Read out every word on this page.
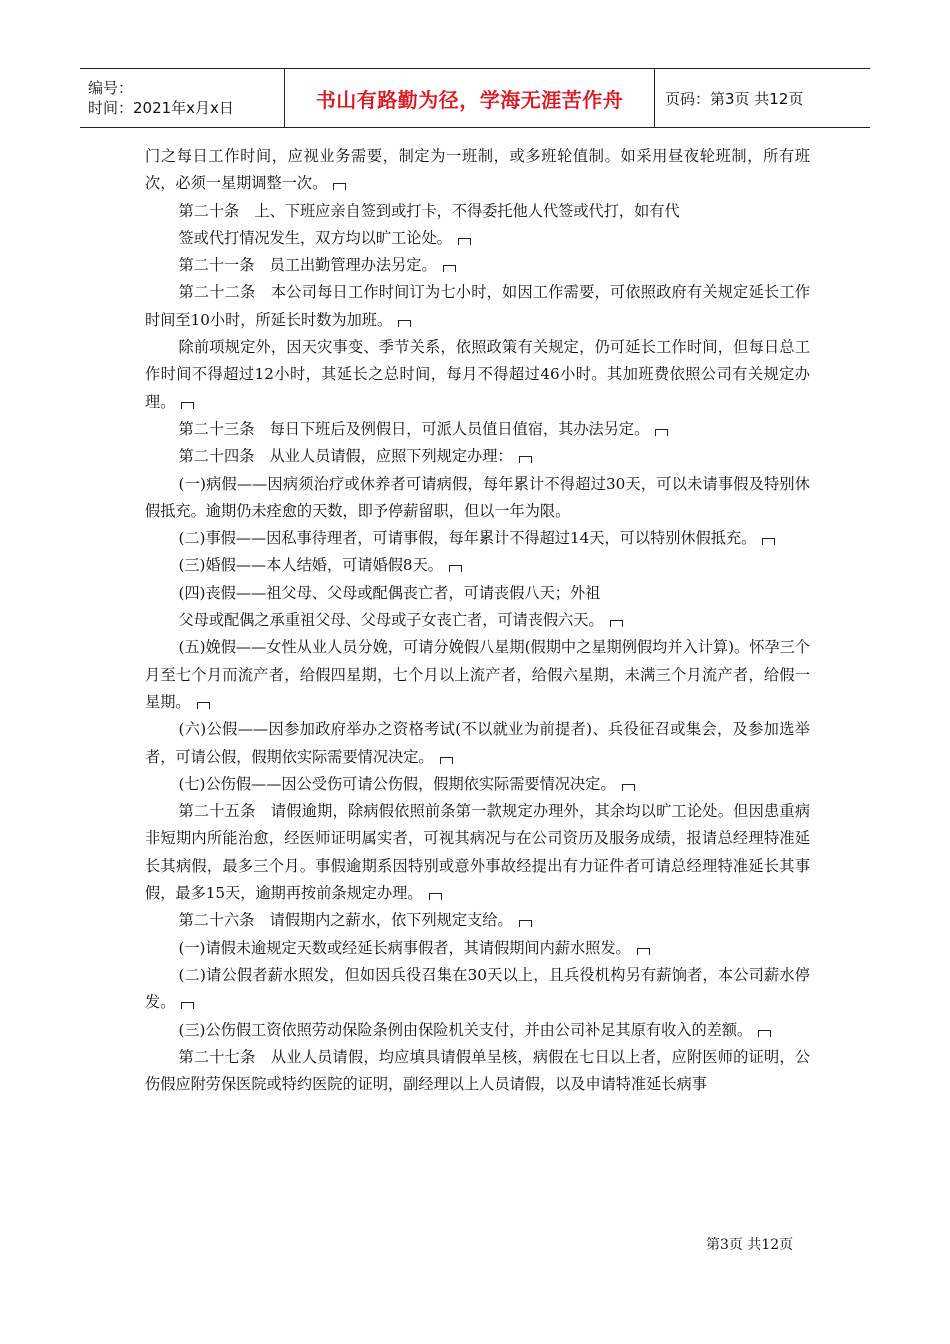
编号：
时间：2021年x月x日	书山有路勤为径，学海无涯苦作舟	页码：第3页 共12页

门之每日工作时间，应视业务需要，制定为一班制，或多班轮值制。如采用昼夜轮班制，所有班次，必须一星期调整一次。

第二十条　上、下班应亲自签到或打卡，不得委托他人代签或代打，如有代

签或代打情况发生，双方均以旷工论处。

第二十一条　员工出勤管理办法另定。

第二十二条　本公司每日工作时间订为七小时，如因工作需要，可依照政府有关规定延长工作时间至10小时，所延长时数为加班。

除前项规定外，因天灾事变、季节关系，依照政策有关规定，仍可延长工作时间，但每日总工作时间不得超过12小时，其延长之总时间，每月不得超过46小时。其加班费依照公司有关规定办理。

第二十三条　每日下班后及例假日，可派人员值日值宿，其办法另定。

第二十四条　从业人员请假，应照下列规定办理：

(一)病假——因病须治疗或休养者可请病假，每年累计不得超过30天，可以未请事假及特别休假抵充。逾期仍未痊愈的天数，即予停薪留职，但以一年为限。

(二)事假——因私事待理者，可请事假，每年累计不得超过14天，可以特别休假抵充。

(三)婚假——本人结婚，可请婚假8天。

(四)丧假——祖父母、父母或配偶丧亡者，可请丧假八天；外祖

父母或配偶之承重祖父母、父母或子女丧亡者，可请丧假六天。

(五)娩假——女性从业人员分娩，可请分娩假八星期(假期中之星期例假均并入计算)。怀孕三个月至七个月而流产者，给假四星期，七个月以上流产者，给假六星期，未满三个月流产者，给假一星期。

(六)公假——因参加政府举办之资格考试(不以就业为前提者)、兵役征召或集会，及参加选举者，可请公假，假期依实际需要情况决定。

(七)公伤假——因公受伤可请公伤假，假期依实际需要情况决定。

第二十五条　请假逾期，除病假依照前条第一款规定办理外，其余均以旷工论处。但因患重病非短期内所能治愈，经医师证明属实者，可视其病况与在公司资历及服务成绩，报请总经理特准延长其病假，最多三个月。事假逾期系因特别或意外事故经提出有力证件者可请总经理特准延长其事假，最多15天，逾期再按前条规定办理。

第二十六条　请假期内之薪水，依下列规定支给。

(一)请假未逾规定天数或经延长病事假者，其请假期间内薪水照发。

(二)请公假者薪水照发，但如因兵役召集在30天以上，且兵役机构另有薪饷者，本公司薪水停发。

(三)公伤假工资依照劳动保险条例由保险机关支付，并由公司补足其原有收入的差额。

第二十七条　从业人员请假，均应填具请假单呈核，病假在七日以上者，应附医师的证明，公伤假应附劳保医院或特约医院的证明，副经理以上人员请假，以及申请特准延长病事

第3页 共12页
